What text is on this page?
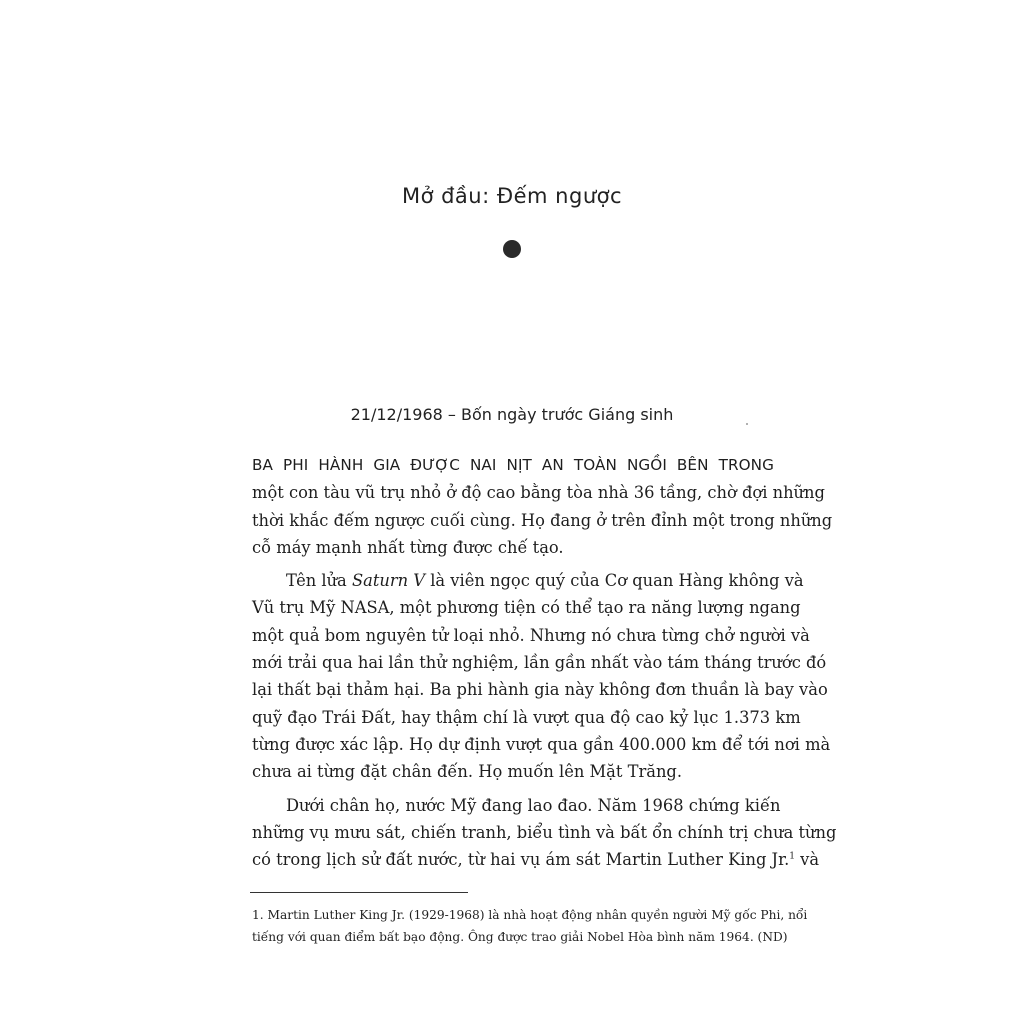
Mở đầu: Đếm ngược
21/12/1968 – Bốn ngày trước Giáng sinh
BA PHI HÀNH GIA ĐƯỢC NAI NỊT AN TOÀN NGỒI BÊN TRONG
một con tàu vũ trụ nhỏ ở độ cao bằng tòa nhà 36 tầng, chờ đợi những
thời khắc đếm ngược cuối cùng. Họ đang ở trên đỉnh một trong những
cỗ máy mạnh nhất từng được chế tạo.
Tên lửa Saturn V là viên ngọc quý của Cơ quan Hàng không và
Vũ trụ Mỹ NASA, một phương tiện có thể tạo ra năng lượng ngang
một quả bom nguyên tử loại nhỏ. Nhưng nó chưa từng chở người và
mới trải qua hai lần thử nghiệm, lần gần nhất vào tám tháng trước đó
lại thất bại thảm hại. Ba phi hành gia này không đơn thuần là bay vào
quỹ đạo Trái Đất, hay thậm chí là vượt qua độ cao kỷ lục 1.373 km
từng được xác lập. Họ dự định vượt qua gần 400.000 km để tới nơi mà
chưa ai từng đặt chân đến. Họ muốn lên Mặt Trăng.
Dưới chân họ, nước Mỹ đang lao đao. Năm 1968 chứng kiến
những vụ mưu sát, chiến tranh, biểu tình và bất ổn chính trị chưa từng
có trong lịch sử đất nước, từ hai vụ ám sát Martin Luther King Jr.$^1$ và
1. Martin Luther King Jr. (1929-1968) là nhà hoạt động nhân quyền người Mỹ gốc Phi, nổi
tiếng với quan điểm bất bạo động. Ông được trao giải Nobel Hòa bình năm 1964. (ND)
